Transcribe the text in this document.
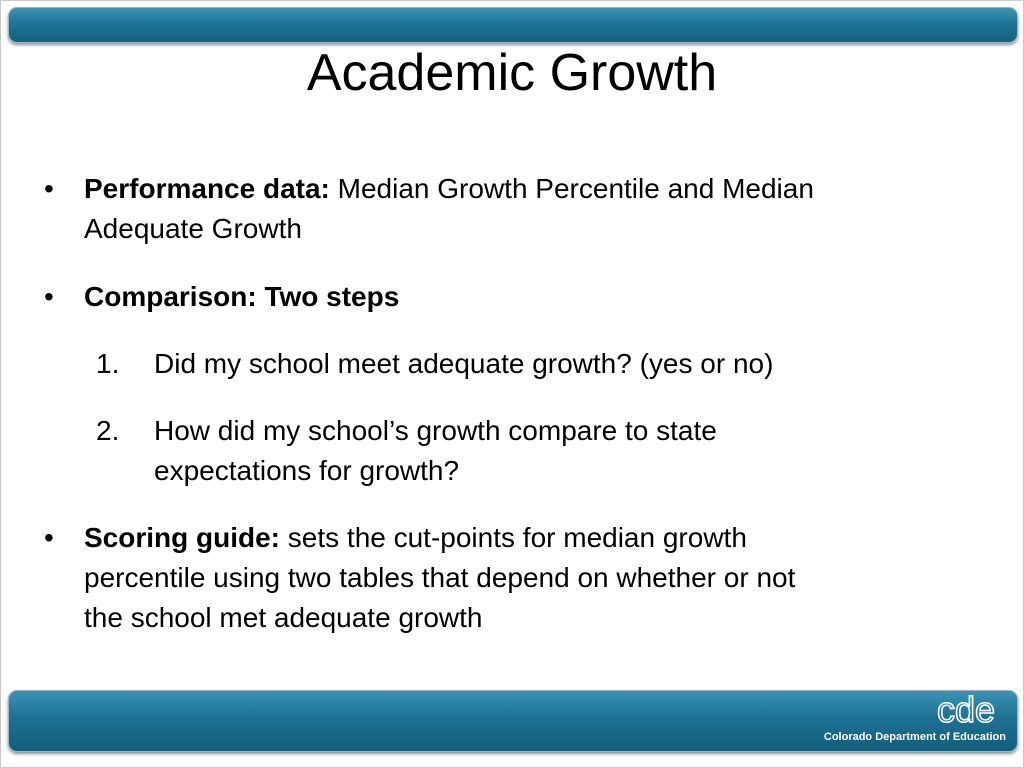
Academic Growth
•	Performance data: Median Growth Percentile and Median
Adequate Growth
•	Comparison: Two steps
1.	Did my school meet adequate growth? (yes or no)
2.	How did my school’s growth compare to state
expectations for growth?
•	Scoring guide: sets the cut-points for median growth
percentile using two tables that depend on whether or not
the school met adequate growth
cde
Colorado Department of Education
